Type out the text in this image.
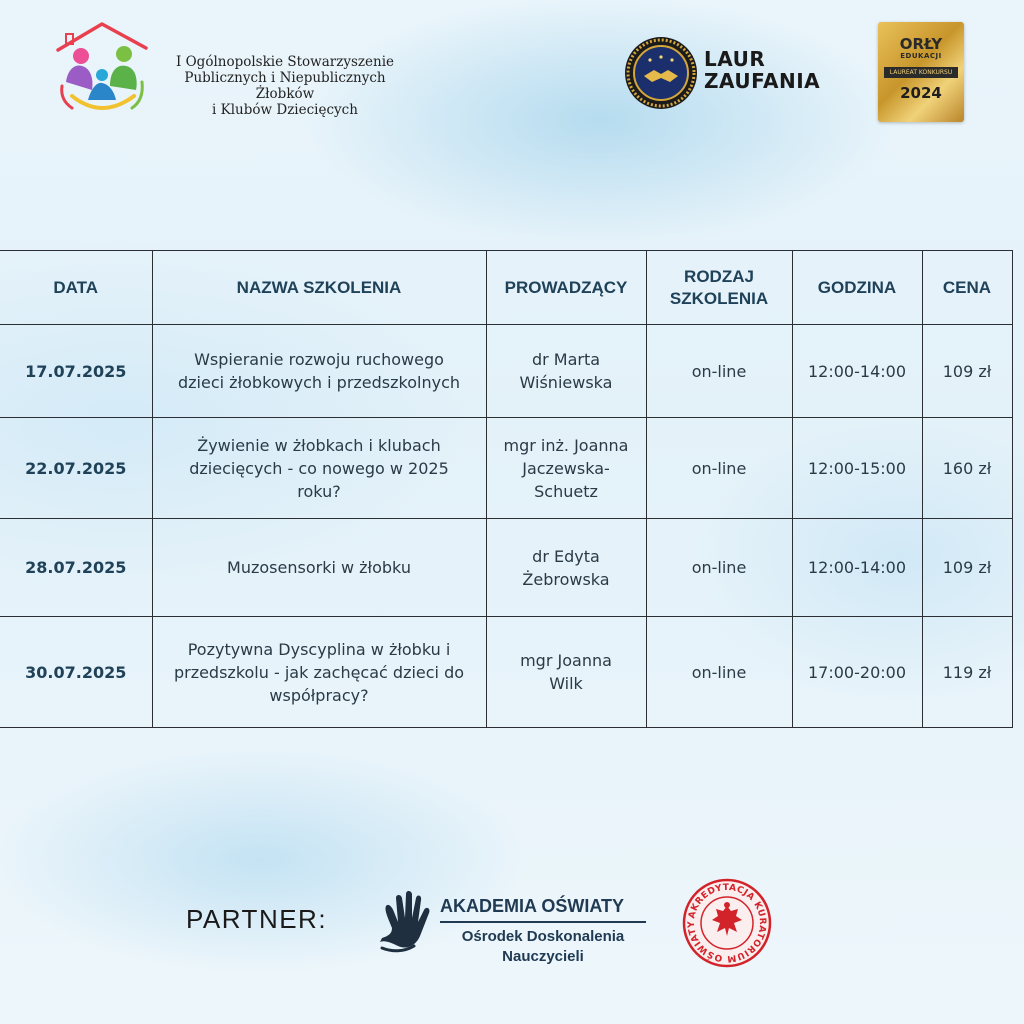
I Ogólnopolskie Stowarzyszenie
Publicznych i Niepublicznych Żłobków
i Klubów Dziecięcych
LAUR
ZAUFANIA
ORŁY
EDUKACJI
LAUREAT KONKURSU
2024
DATA	NAZWA SZKOLENIA	PROWADZĄCY	RODZAJ SZKOLENIA	GODZINA	CENA
17.07.2025	Wspieranie rozwoju ruchowego dzieci żłobkowych i przedszkolnych	dr Marta Wiśniewska	on-line	12:00-14:00	109 zł
22.07.2025	Żywienie w żłobkach i klubach dziecięcych - co nowego w 2025 roku?	mgr inż. Joanna Jaczewska-Schuetz	on-line	12:00-15:00	160 zł
28.07.2025	Muzosensorki w żłobku	dr Edyta Żebrowska	on-line	12:00-14:00	109 zł
30.07.2025	Pozytywna Dyscyplina w żłobku i przedszkolu - jak zachęcać dzieci do współpracy?	mgr Joanna Wilk	on-line	17:00-20:00	119 zł
PARTNER:	AKADEMIA OŚWIATY
Ośrodek Doskonalenia
Nauczycieli
AKREDYTACJA KURATORIUM OŚWIATY
